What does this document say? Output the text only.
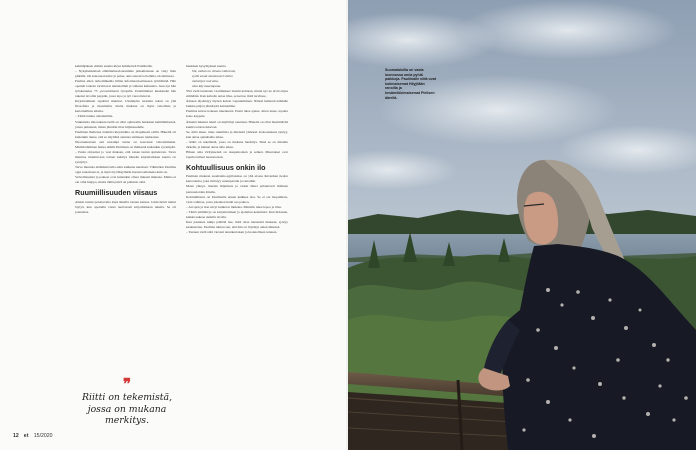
kehittäjäksen eläisin suunta kirjat hahmotteli Pauliinalle.

– Nykyhenkisissä elämänmuodoissamme jatkamaisuus on viety liian pitkälle. On kokonaan kiire ja paine, aina seuraava homma odottamassa.

Paulina alkoi tarkoilinkehla liilma informaatioaltaiseen työmäärää. Hän opetteli tarkoin tarvittavat menetelmät ja vähensi kuluneita. Jaan nyt hän työskentelee 75 -prosenttisesti työajalla. Ensimmäiset kuukaudet hän rakensi tavoille pappiin, jossa lepo ja työ vuorottelevat.

Kirjoittaminen tapahtui muuttui. Uusimpiin teoksiin teksti on yhä filosofisia ja meemisitä, mutta mukana on myös runollisia ja kertomallisia aiheita.

– Tämä tuntuu omaltamilta.

Vaikutteita muotokuun tiellä on ollut opinnoilla henkisen kehittämisessä, joissa puhutaan, miten jätetään tilaa hiljaisuudelle.

Pauliinan ihellensa laattima kirjoitelma on tilapäisesti esillä. Hänellä oli kuitenkin tunne, että se näyttäisi suuntaa sisäiseen rauhaansa.

Nuoruudestaan asti unsampi tunne on kasvanut vahvemmaksi. Mielitietäminen hakea nähdä Pauliinan on ihmisenä kuitenkin syvempää.

– Ensin ohjasinsi jo vesi maksan, että toisen tuntui ajattelevan. Tarve muuttua muuttuvaan toinen kehitys hänelle kirjoittamisen kautta on syntynyt.

Tarve muuttaa elämänsä tulla esiin kulkuna tekstissä. Vähitellen Pauliina oppi sanomaan ei, ja myös hyväksymään itsensä sellaisena kuin on.

Velvollisuudet ja paineet ovat kuitenkin olleet tiukasti mukana. Matka ei ole ollut helppo, mutta tämä päivä on palkinto siitä.

Ruumiillisuuden viisaus

Aluksi tunsin pelottavalta itseä äänellä toisten kanssa. Jokin ikävä tuntui löytyä, kun opettelin viesti tuottavasti kirjoittamaan tekstiä. Se oli ponnistus.

henkisen kysymyksen kautta.

Voi, vallan on viisaus väheessä,

syvät sanat sammuneet sielun

muistojen muruina,

valo käy kauempana.

Yhä vielä tunnistan vaatimukset itseäni kohtaan, mutta nyt ne eivät ohjaa elämääni. Kun keholle antaa tilaa, se kertoo mitä tarvitsee.

Ääneen täydentyy täyden kehon vapautuminen. Näissä hetkissä nähdään kuinka paljon jännitystä kannamme.

Pauliina kuvaa teoksen rakennetta: Ensin tulee ajatus, sitten lause, lopulta koko kappale.

Ääneitä lukenut teksti on näyttänyt suunnan. Hänelle on ollut merkittävää kuulla toisten lukevan.

Se, mitä tekee, tulee ruumiista ja mielestä yhdessä. Kokonaisuus syntyy, kun antaa ajatukselle aikaa.

– Riitti on tekemistä, jossa on mukana merkitys. Siksi se on minulle tärkeää, ja haluan antaa sille aikaa.

Hänen oma virityksensä on tasapainoinen ja selkeä. Muutokset ovat lopulta tulleet luonnostaan.

Kohtuullisuus onkin ilo

Paulinan mukaan suomalais-ugrilaisissa on yhä elossa ikivanhan tiedon kerrostuma, joka tiivistyy sananparsiin ja runoihin.

Maan yhteys, metsän hiljaisuus ja veden äänet palauttavat ihmisen perusasioiden äärelle.

Kohtuullisuus on Pauliinalle ennen kaikkea iloa. Se ei ole luopumista, vaan valintaa, jossa jokainen hetki saa painoa.

– Arvojen ja ilon sävyt kulkevat mukana. Mielelle tulee lepoa ja tilaa.

– Tämä ymmärrys on kirjoittamisen ja ajattelun keskiössä. Kun hidastan, kaikki aukeaa uudella tavalla.

Kun jokainen lukija päättää itse, mitä ottaa teksteistä mukaan, syntyy keskustelua. Pauliina tuntuu sen, että hän on löytänyt oman äänensä.

– Tunnen vielä siitä vievani ainutkertaisen ja luonnollisen tunteen.

❞
Riitti on tekemistä, jossa on mukana merkitys.
12 et 15/2020
Suomalaisilla on vasta luonnossa omia pyhiä paikkoja. Pauliinalle niitä ovat kotimaisemat Hiiyjilään ranoilla ja kesämökkimaisemat Pielisen äärellä.
